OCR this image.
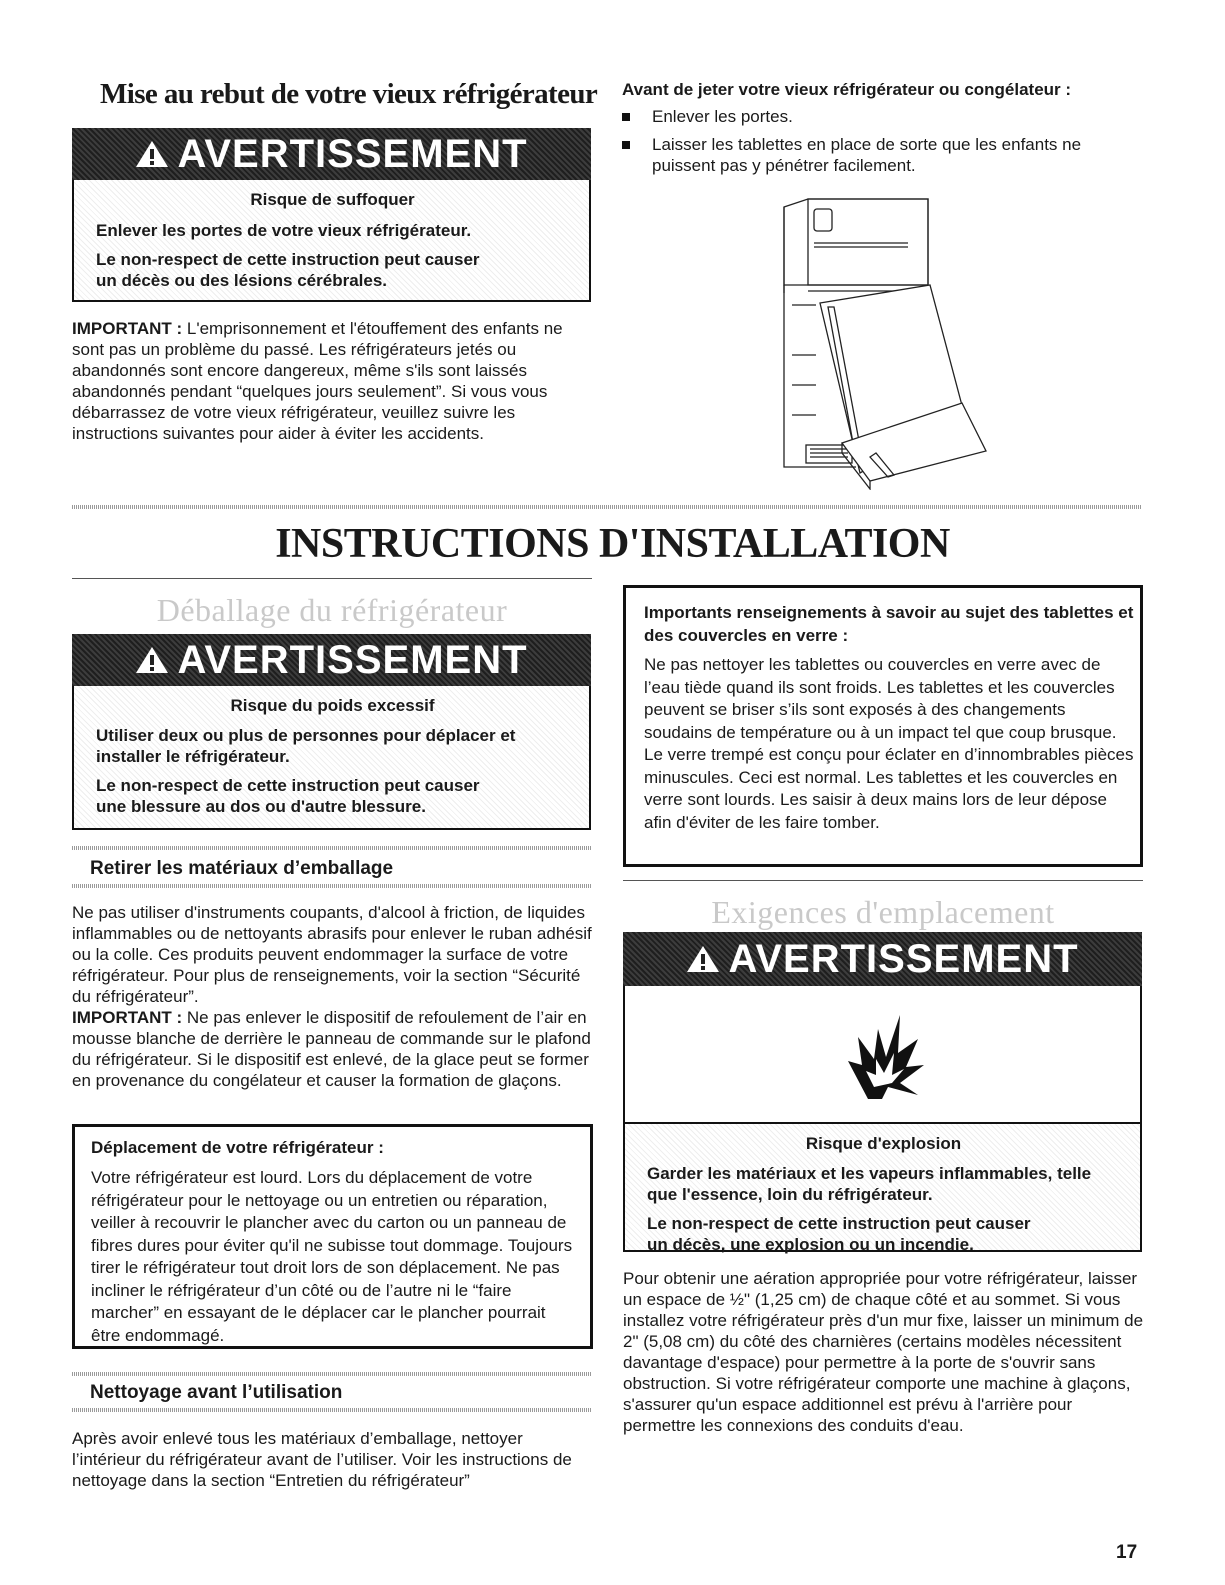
Mise au rebut de votre vieux réfrigérateur
AVERTISSEMENT

Risque de suffoquer

Enlever les portes de votre vieux réfrigérateur.

Le non-respect de cette instruction peut causer

un décès ou des lésions cérébrales.

IMPORTANT : L'emprisonnement et l'étouffement des enfants ne sont pas un problème du passé. Les réfrigérateurs jetés ou abandonnés sont encore dangereux, même s'ils sont laissés abandonnés pendant “quelques jours seulement”. Si vous vous débarrassez de votre vieux réfrigérateur, veuillez suivre les instructions suivantes pour aider à éviter les accidents.

Avant de jeter votre vieux réfrigérateur ou congélateur :
Enlever les portes.
Laisser les tablettes en place de sorte que les enfants ne puissent pas y pénétrer facilement.
INSTRUCTIONS D'INSTALLATION
Déballage du réfrigérateur
AVERTISSEMENT

Risque du poids excessif

Utiliser deux ou plus de personnes pour déplacer et

installer le réfrigérateur.

Le non-respect de cette instruction peut causer

une blessure au dos ou d'autre blessure.

Retirer les matériaux d’emballage

Ne pas utiliser d'instruments coupants, d'alcool à friction, de liquides inflammables ou de nettoyants abrasifs pour enlever le ruban adhésif ou la colle. Ces produits peuvent endommager la surface de votre réfrigérateur. Pour plus de renseignements, voir la section “Sécurité du réfrigérateur”.

IMPORTANT : Ne pas enlever le dispositif de refoulement de l’air en mousse blanche de derrière le panneau de commande sur le plafond du réfrigérateur. Si le dispositif est enlevé, de la glace peut se former en provenance du congélateur et causer la formation de glaçons.

Déplacement de votre réfrigérateur :

Votre réfrigérateur est lourd. Lors du déplacement de votre réfrigérateur pour le nettoyage ou un entretien ou réparation, veiller à recouvrir le plancher avec du carton ou un panneau de fibres dures pour éviter qu'il ne subisse tout dommage. Toujours tirer le réfrigérateur tout droit lors de son déplacement. Ne pas incliner le réfrigérateur d’un côté ou de l’autre ni le “faire marcher” en essayant de le déplacer car le plancher pourrait être endommagé.

Nettoyage avant l’utilisation

Après avoir enlevé tous les matériaux d’emballage, nettoyer l’intérieur du réfrigérateur avant de l’utiliser. Voir les instructions de nettoyage dans la section “Entretien du réfrigérateur”

Importants renseignements à savoir au sujet des tablettes et des couvercles en verre :

Ne pas nettoyer les tablettes ou couvercles en verre avec de l’eau tiède quand ils sont froids. Les tablettes et les couvercles peuvent se briser s’ils sont exposés à des changements soudains de température ou à un impact tel que coup brusque. Le verre trempé est conçu pour éclater en d’innombrables pièces minuscules. Ceci est normal. Les tablettes et les couvercles en verre sont lourds. Les saisir à deux mains lors de leur dépose afin d'éviter de les faire tomber.

Exigences d'emplacement
AVERTISSEMENT

Risque d'explosion

Garder les matériaux et les vapeurs inflammables, telle

que l'essence, loin du réfrigérateur.

Le non-respect de cette instruction peut causer

un décès, une explosion ou un incendie.

Pour obtenir une aération appropriée pour votre réfrigérateur, laisser un espace de ½" (1,25 cm) de chaque côté et au sommet. Si vous installez votre réfrigérateur près d'un mur fixe, laisser un minimum de 2" (5,08 cm) du côté des charnières (certains modèles nécessitent davantage d'espace) pour permettre à la porte de s'ouvrir sans obstruction. Si votre réfrigérateur comporte une machine à glaçons, s'assurer qu'un espace additionnel est prévu à l'arrière pour permettre les connexions des conduits d'eau.

17
